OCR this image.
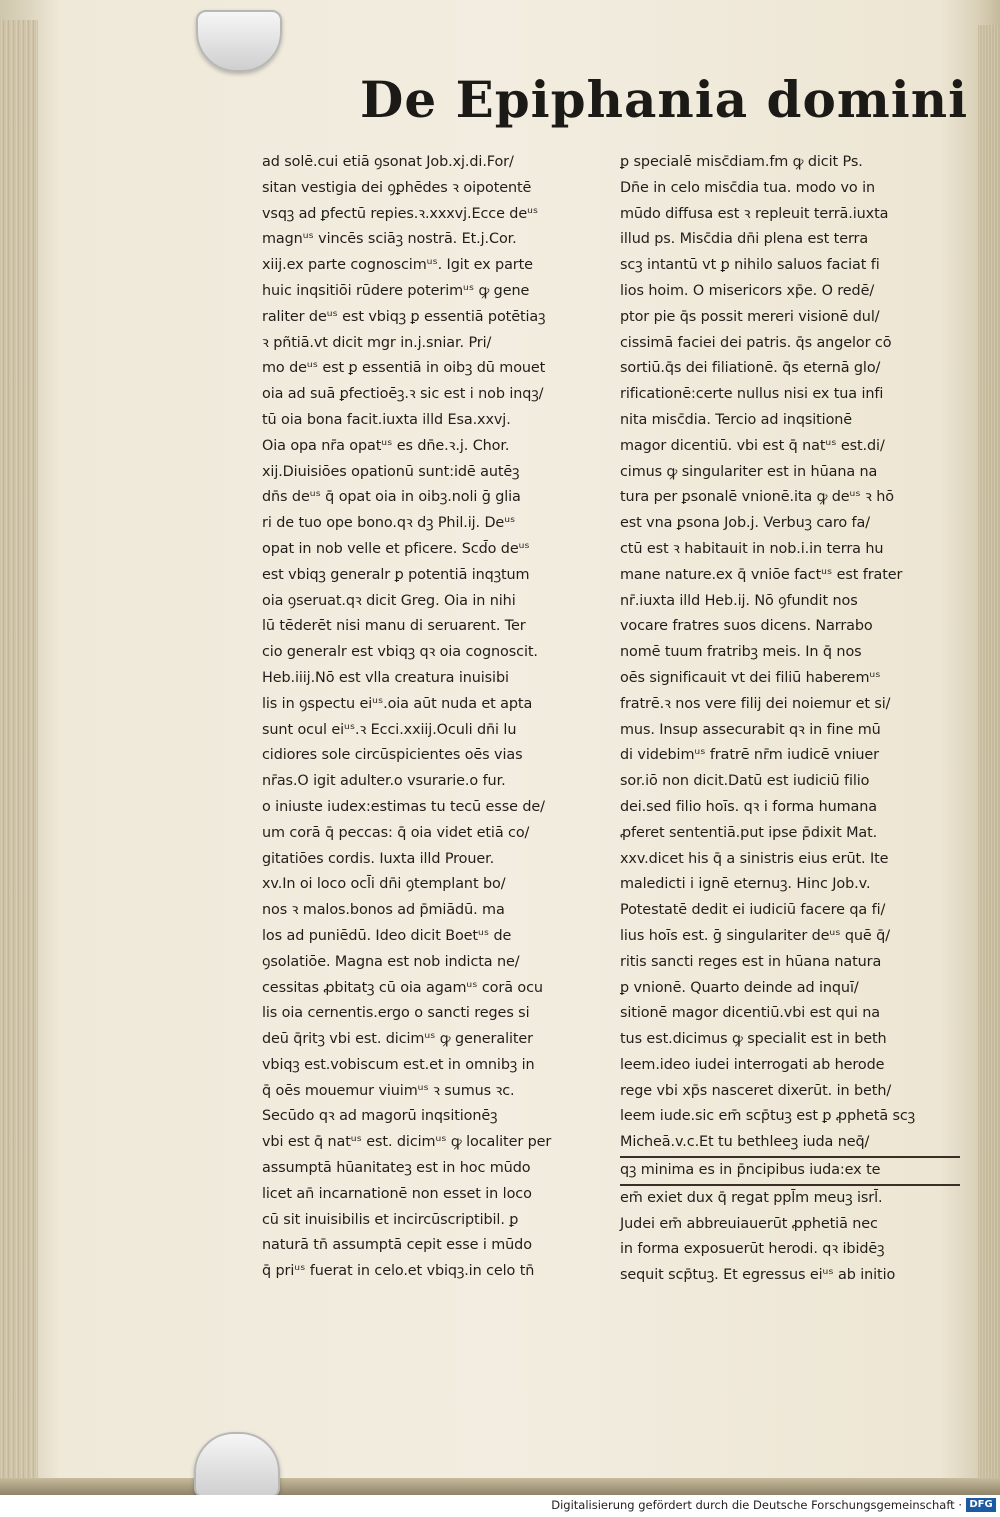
De Epiphania domini
ad solē.cui etiā ꝯsonat Job.xj.di.For/
sitan vestigia dei ꝯꝑhēdes ꝛ oipotentē
vsqꝫ ad ꝑfectū repies.ꝛ.xxxvj.Ecce deᵘˢ
magnᵘˢ vincēs sciāꝫ nostrā. Et.j.Cor.
xiij.ex parte cognoscimᵘˢ. Igit ex parte
huic inqsitiōi rūdere poterimᵘˢ ꝙ gene
raliter deᵘˢ est vbiqꝫ ꝑ essentiā potētiaꝫ
ꝛ pñtiā.vt dicit mgr in.j.sniar. Pri/
mo deᵘˢ est ꝑ essentiā in oibꝫ dū mouet
oia ad suā ꝑfectioēꝫ.ꝛ sic est i nob inqꝫ/
tū oia bona facit.iuxta illd Esa.xxvj.
Oia opa nr̄a opatᵘˢ es dn̄e.ꝛ.j. Chor.
xij.Diuisiōes opationū sunt:idē autēꝫ
dn̄s deᵘˢ q̄ opat oia in oibꝫ.noli ḡ glia
ri de tuo ope bono.qꝛ dꝫ Phil.ij. Deᵘˢ
opat in nob velle et pficere. Scd̄o deᵘˢ
est vbiqꝫ generalr ꝑ potentiā inqꝫtum
oia ꝯseruat.qꝛ dicit Greg. Oia in nihi
lū tēderēt nisi manu di seruarent. Ter
cio generalr est vbiqꝫ qꝛ oia cognoscit.
Heb.iiij.Nō est vlla creatura inuisibi
lis in ꝯspectu eiᵘˢ.oia aūt nuda et apta
sunt ocul eiᵘˢ.ꝛ Ecci.xxiij.Oculi dn̄i lu
cidiores sole circūspicientes oēs vias
nr̄as.O igit adulter.o vsurarie.o fur.
o iniuste iudex:estimas tu tecū esse de/
um corā q̄ peccas: q̄ oia videt etiā co/
gitatiōes cordis. Iuxta illd Prouer.
xv.In oi loco ocl̄i dn̄i ꝯtemplant bo/
nos ꝛ malos.bonos ad p̄miādū. ma
los ad puniēdū. Ideo dicit Boetᵘˢ de
ꝯsolatiōe. Magna est nob indicta ne/
cessitas ꝓbitatꝫ cū oia agamᵘˢ corā ocu
lis oia cernentis.ergo o sancti reges si
deū q̄ritꝫ vbi est. dicimᵘˢ ꝙ generaliter
vbiqꝫ est.vobiscum est.et in omnibꝫ in
q̄ oēs mouemur viuimᵘˢ ꝛ sumus ꝛc.
Secūdo qꝛ ad magorū inqsitionēꝫ
vbi est q̄ natᵘˢ est. dicimᵘˢ ꝙ localiter per
assumptā hūanitateꝫ est in hoc mūdo
licet an̄ incarnationē non esset in loco
cū sit inuisibilis et incircūscriptibil. ꝑ
naturā tn̄ assumptā cepit esse i mūdo
q̄ priᵘˢ fuerat in celo.et vbiqꝫ.in celo tn̄
ꝑ specialē misc̄diam.fm ꝙ dicit Ps.
Dn̄e in celo misc̄dia tua. modo vo in
mūdo diffusa est ꝛ repleuit terrā.iuxta
illud ps. Misc̄dia dn̄i plena est terra
scꝫ intantū vt ꝑ nihilo saluos faciat fi
lios hoim. O misericors xp̄e. O redē/
ptor pie q̄s possit mereri visionē dul/
cissimā faciei dei patris. q̄s angelor cō
sortiū.q̄s dei filiationē. q̄s eternā glo/
rificationē:certe nullus nisi ex tua infi
nita misc̄dia. Tercio ad inqsitionē
magor dicentiū. vbi est q̄ natᵘˢ est.di/
cimus ꝙ singulariter est in hūana na
tura per ꝑsonalē vnionē.ita ꝙ deᵘˢ ꝛ hō
est vna ꝑsona Job.j. Verbuꝫ caro fa/
ctū est ꝛ habitauit in nob.i.in terra hu
mane nature.ex q̄ vniōe factᵘˢ est frater
nr̄.iuxta illd Heb.ij. Nō ꝯfundit nos
vocare fratres suos dicens. Narrabo
nomē tuum fratribꝫ meis. In q̄ nos
oēs significauit vt dei filiū haberemᵘˢ
fratrē.ꝛ nos vere filij dei noiemur et si/
mus. Insup assecurabit qꝛ in fine mū
di videbimᵘˢ fratrē nr̄m iudicē vniuer
sor.iō non dicit.Datū est iudiciū filio
dei.sed filio hoīs. qꝛ i forma humana
ꝓferet sententiā.put ipse p̄dixit Mat.
xxv.dicet his q̄ a sinistris eius erūt. Ite
maledicti i ignē eternuꝫ. Hinc Job.v.
Potestatē dedit ei iudiciū facere qa fi/
lius hoīs est. ḡ singulariter deᵘˢ quē q̄/
ritis sancti reges est in hūana natura
ꝑ vnionē. Quarto deinde ad inquī/
sitionē magor dicentiū.vbi est qui na
tus est.dicimus ꝙ specialit est in beth
leem.ideo iudei interrogati ab herode
rege vbi xp̄s nasceret dixerūt. in beth/
leem iude.sic em̄ scp̄tuꝫ est ꝑ ꝓphetā scꝫ
Micheā.v.c.Et tu bethleeꝫ iuda neq̄/
qꝫ minima es in p̄ncipibus iuda:ex te
em̄ exiet dux q̄ regat ppl̄m meuꝫ isrl̄.
Judei em̄ abbreuiauerūt ꝓphetiā nec
in forma exposuerūt herodi. qꝛ ibidēꝫ
sequit scp̄tuꝫ. Et egressus eiᵘˢ ab initio
Digitalisierung gefördert durch die Deutsche Forschungsgemeinschaft · DFG
